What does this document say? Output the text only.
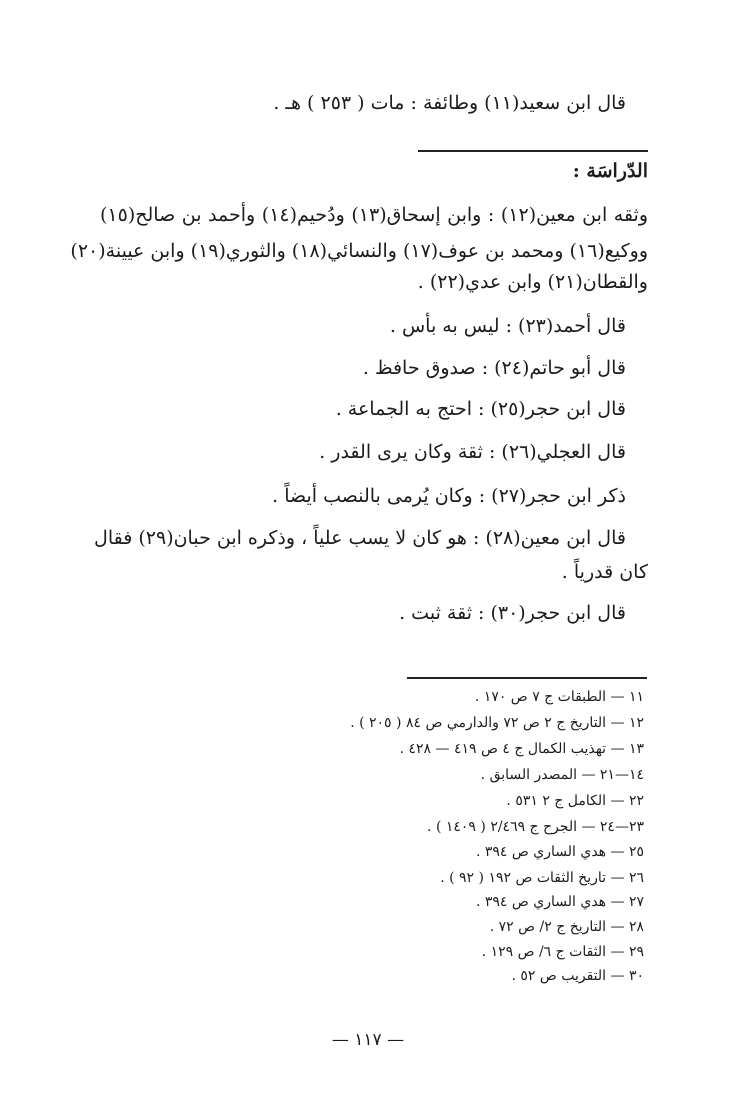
قال ابن سعيد(١١) وطائفة : مات ( ٢٥٣ ) هـ .
الدّراسَة :
وثقه ابن معين(١٢) : وابن إسحاق(١٣) ودُحيم(١٤) وأحمد بن صالح(١٥)
ووكيع(١٦) ومحمد بن عوف(١٧) والنسائي(١٨) والثوري(١٩) وابن عيينة(٢٠)
والقطان(٢١) وابن عدي(٢٢) .
قال أحمد(٢٣) : ليس به بأس .
قال أبو حاتم(٢٤) : صدوق حافظ .
قال ابن حجر(٢٥) : احتج به الجماعة .
قال العجلي(٢٦) : ثقة وكان يرى القدر .
ذكر ابن حجر(٢٧) : وكان يُرمى بالنصب أيضاً .
قال ابن معين(٢٨) : هو كان لا يسب علياً ، وذكره ابن حبان(٢٩) فقال
كان قدرياً .
قال ابن حجر(٣٠) : ثقة ثبت .
١١ — الطبقات ج ٧ ص ١٧٠ .
١٢ — التاريخ ج ٢ ص ٧٢ والدارمي ص ٨٤ ( ٢٠٥ ) .
١٣ — تهذيب الكمال ج ٤ ص ٤١٩ — ٤٢٨ .
١٤—٢١ — المصدر السابق .
٢٢ — الكامل ج ٢ ٥٣١ .
٢٣—٢٤ — الجرح ج ٢/٤٦٩ ( ١٤٠٩ ) .
٢٥ — هدي الساري ص ٣٩٤ .
٢٦ — تاريخ الثقات ص ١٩٢ ( ٩٢ ) .
٢٧ — هدي الساري ص ٣٩٤ .
٢٨ — التاريخ ج ٢/ ص ٧٢ .
٢٩ — الثقات ج ٦/ ص ١٢٩ .
٣٠ — التقريب ص ٥٢ .
— ١١٧ —
